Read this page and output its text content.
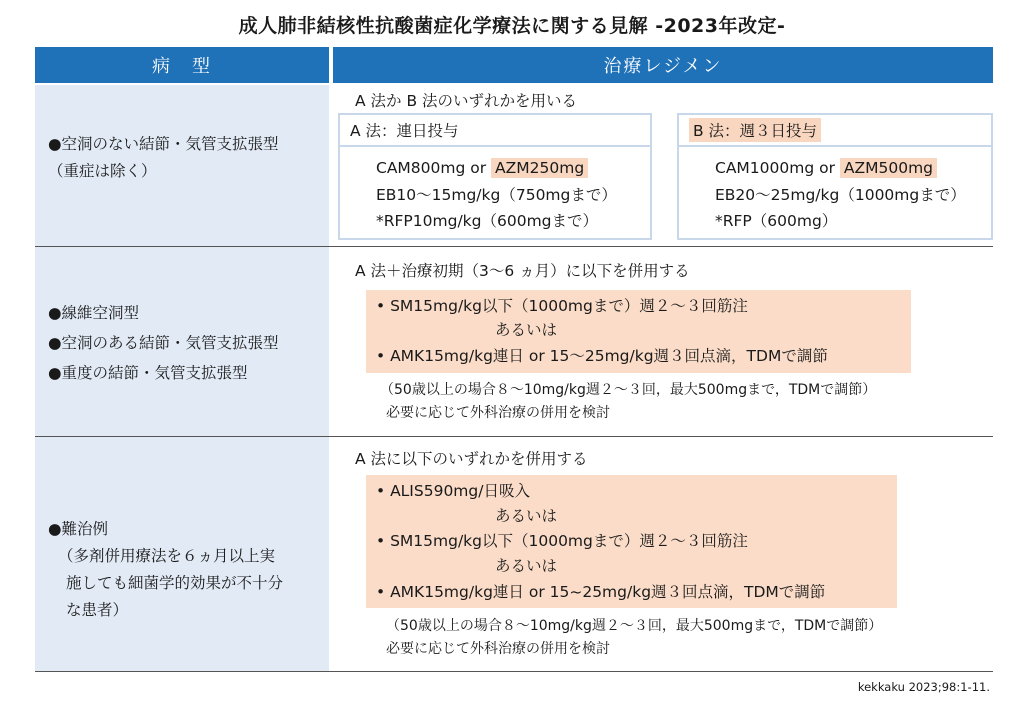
成人肺非結核性抗酸菌症化学療法に関する見解 -2023年改定-
病　型	治療レジメン
●空洞のない結節・気管支拡張型
（重症は除く）
A 法か B 法のいずれかを用いる
A 法：連日投与
CAM800mg or AZM250mg
EB10〜15mg/kg（750mgまで）
*RFP10mg/kg（600mgまで）
B 法：週３日投与
CAM1000mg or AZM500mg
EB20〜25mg/kg（1000mgまで）
*RFP（600mg）
●線維空洞型
●空洞のある結節・気管支拡張型
●重度の結節・気管支拡張型
A 法＋治療初期（3〜6 ヵ月）に以下を併用する
• SM15mg/kg以下（1000mgまで）週２〜３回筋注
あるいは
• AMK15mg/kg連日 or 15〜25mg/kg週３回点滴，TDMで調節
（50歳以上の場合８〜10mg/kg週２〜３回，最大500mgまで，TDMで調節）
必要に応じて外科治療の併用を検討
●難治例
（多剤併用療法を６ヵ月以上実
施しても細菌学的効果が不十分
な患者）
A 法に以下のいずれかを併用する
• ALIS590mg/日吸入
あるいは
• SM15mg/kg以下（1000mgまで）週２〜３回筋注
あるいは
• AMK15mg/kg連日 or 15~25mg/kg週３回点滴，TDMで調節
（50歳以上の場合８〜10mg/kg週２〜３回，最大500mgまで，TDMで調節）
必要に応じて外科治療の併用を検討
kekkaku 2023;98:1-11.
